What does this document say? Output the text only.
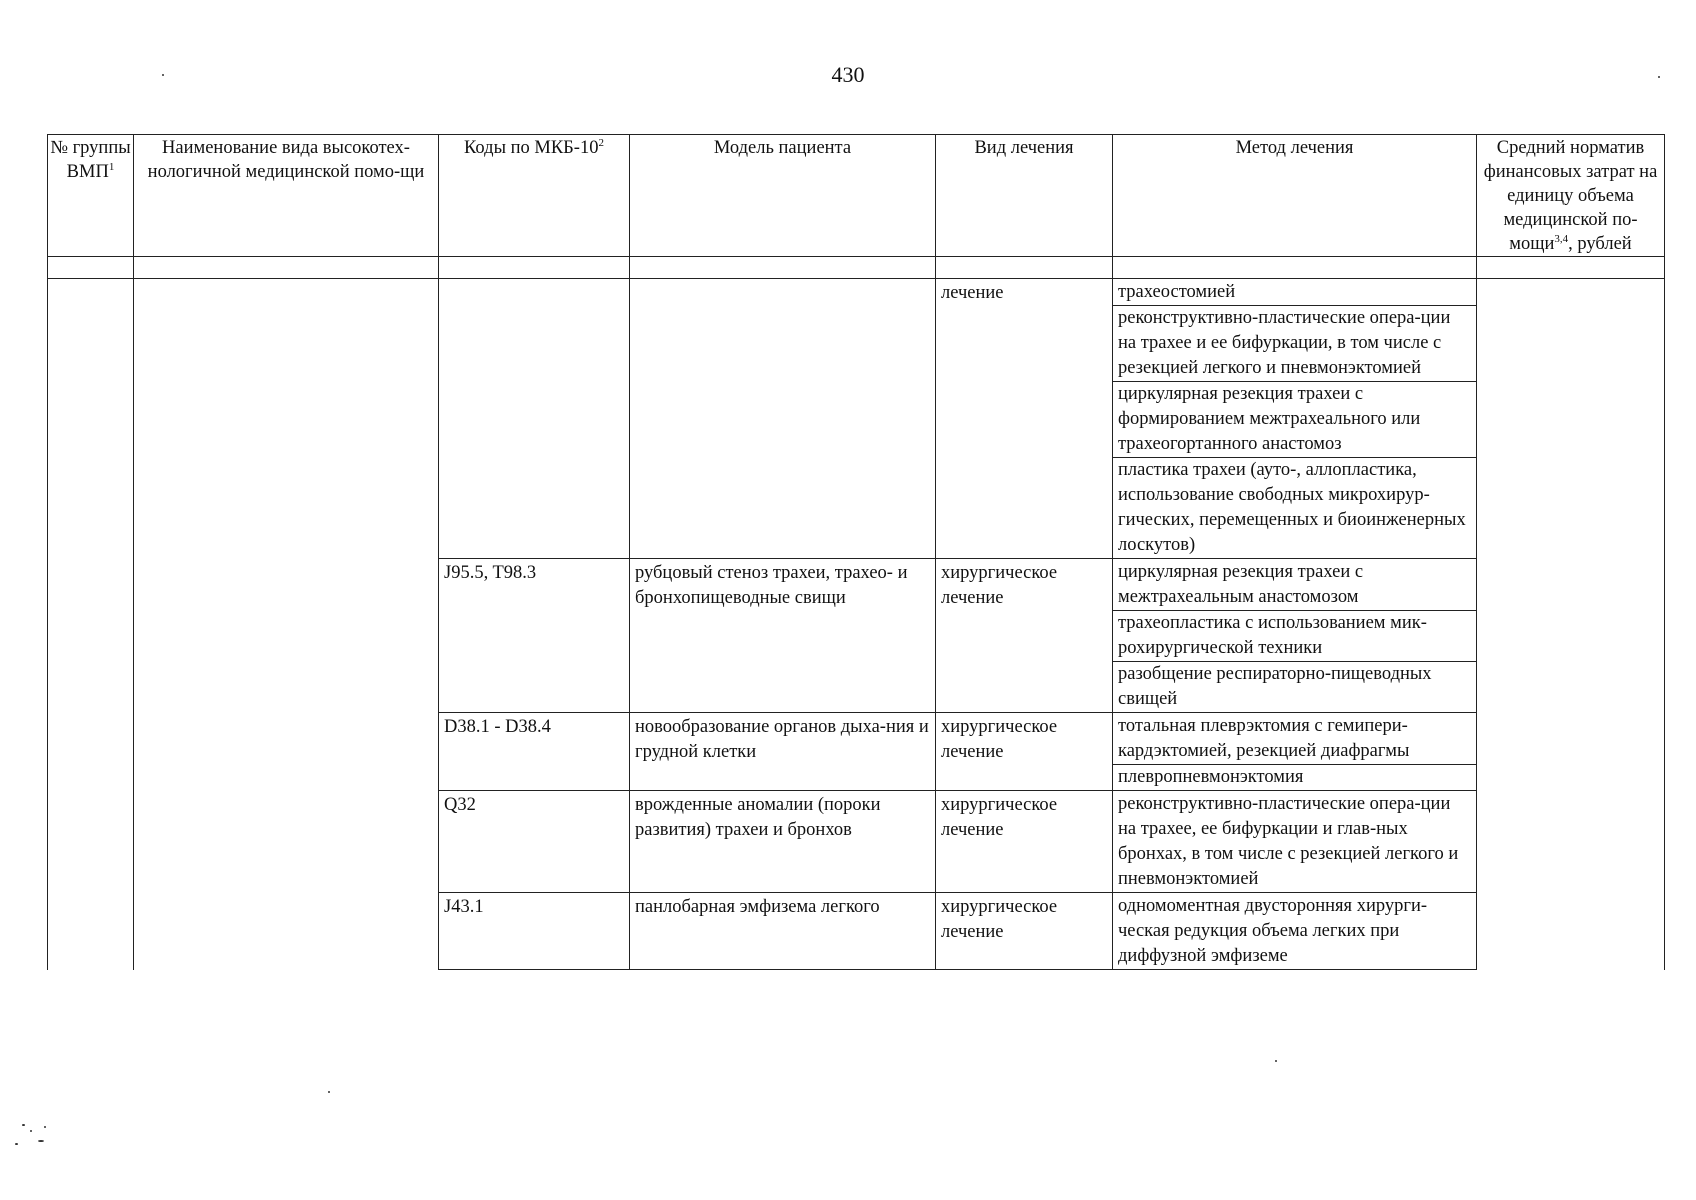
430
№ группы ВМП$^1$	Наименование вида высокотех-нологичной медицинской помо-щи	Коды по МКБ-$10^2$	Модель пациента	Вид лечения	Метод лечения	Средний норматив финансовых затрат на единицу объема медицинской по-мощи$^{3,4}$, рублей

				лечение	трахеостомией
реконструктивно-пластические опера-ции на трахее и ее бифуркации, в том числе с резекцией легкого и пневмонэктомией
циркулярная резекция трахеи с формированием межтрахеального или трахеогортанного анастомоз
пластика трахеи (ауто-, аллопластика, использование свободных микрохирур-гических, перемещенных и биоинженерных лоскутов)	

		J95.5, T98.3	рубцовый стеноз трахеи, трахео- и бронхопищеводные свищи	хирургическое лечение	циркулярная резекция трахеи с межтрахеальным анастомозом
трахеопластика с использованием мик-рохирургической техники
разобщение респираторно-пищеводных свищей	

		D38.1 - D38.4	новообразование органов дыха-ния и грудной клетки	хирургическое лечение	тотальная плеврэктомия с гемипери-кардэктомией, резекцией диафрагмы
плевропневмонэктомия	

		Q32	врожденные аномалии (пороки развития) трахеи и бронхов	хирургическое лечение	реконструктивно-пластические опера-ции на трахее, ее бифуркации и глав-ных бронхах, в том числе с резекцией легкого и пневмонэктомией	

		J43.1	панлобарная эмфизема легкого	хирургическое лечение	одномоментная двусторонняя хирурги-ческая редукция объема легких при диффузной эмфиземе	
